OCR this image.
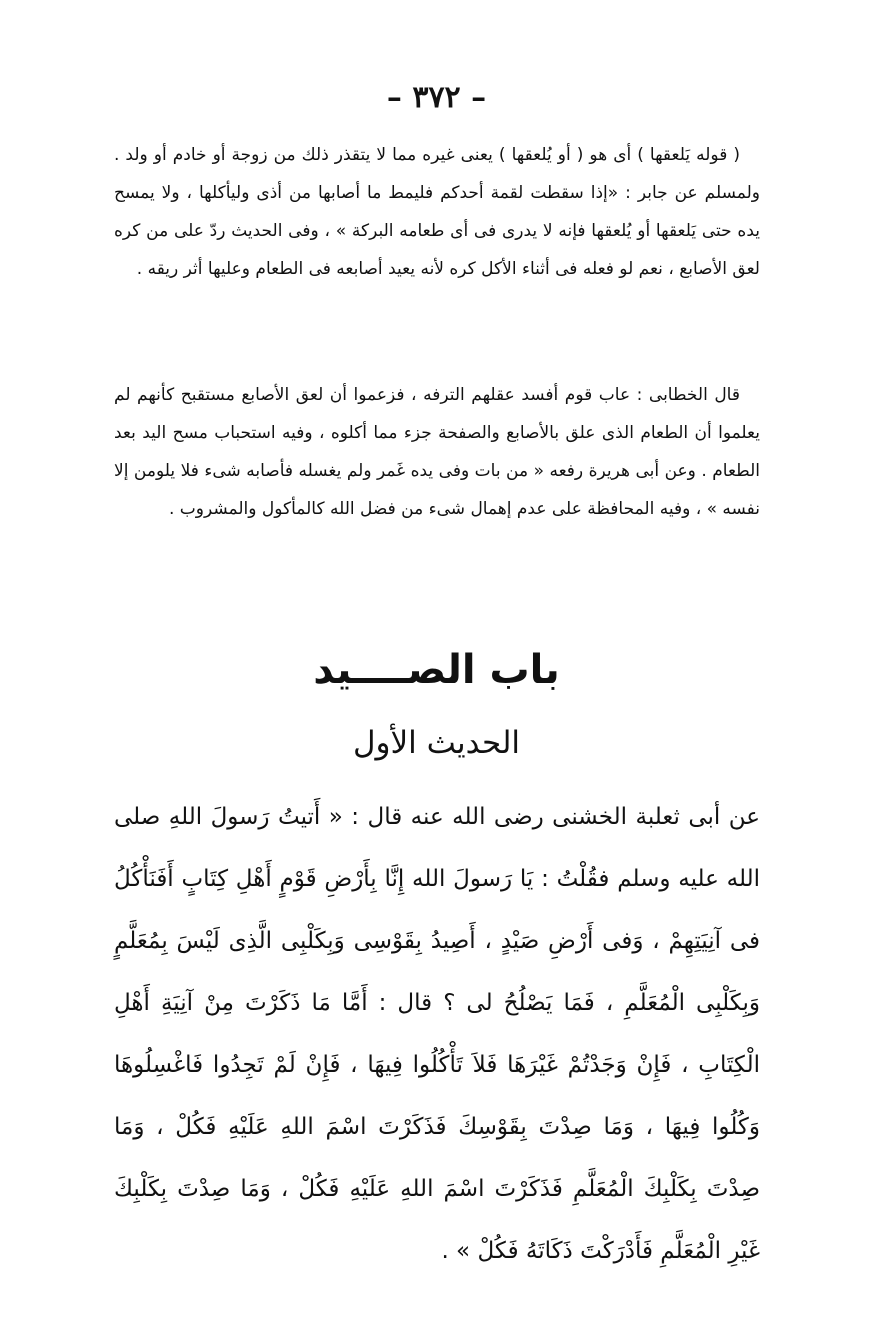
– ٣٧٢ –

( قوله يَلعقها ) أى هو ( أو يُلعقها ) يعنى غيره مما لا يتقذر ذلك من زوجة أو خادم أو ولد . ولمسلم عن جابر : «إذا سقطت لقمة أحدكم فليمط ما أصابها من أذى وليأكلها ، ولا يمسح يده حتى يَلعقها أو يُلعقها فإنه لا يدرى فى أى طعامه البركة » ، وفى الحديث ردّ على من كره لعق الأصابع ، نعم لو فعله فى أثناء الأكل كره لأنه يعيد أصابعه فى الطعام وعليها أثر ريقه .

قال الخطابى : عاب قوم أفسد عقلهم الترفه ، فزعموا أن لعق الأصابع مستقبح كأنهم لم يعلموا أن الطعام الذى علق بالأصابع والصفحة جزء مما أكلوه ، وفيه استحباب مسح اليد بعد الطعام . وعن أبى هريرة رفعه « من بات وفى يده غَمر ولم يغسله فأصابه شىء فلا يلومن إلا نفسه » ، وفيه المحافظة على عدم إهمال شىء من فضل الله كالمأكول والمشروب .

باب الصــــيد
الحديث الأول

عن أبى ثعلبة الخشنى رضى الله عنه قال : « أَتيتُ رَسولَ اللهِ صلى الله عليه وسلم فقُلْتُ : يَا رَسولَ الله إِنَّا بِأَرْضِ قَوْمٍ أَهْلِ كِتَابٍ أَفَنَأْكُلُ فى آنِيَتِهِمْ ، وَفى أَرْضِ صَيْدٍ ، أَصِيدُ بِقَوْسِى وَبِكَلْبِى الَّذِى لَيْسَ بِمُعَلَّمٍ وَبِكَلْبِى الْمُعَلَّمِ ، فَمَا يَصْلُحُ لى ؟ قال : أَمَّا مَا ذَكَرْتَ مِنْ آنِيَةِ أَهْلِ الْكِتَابِ ، فَإِنْ وَجَدْتُمْ غَيْرَهَا فَلاَ تَأْكُلُوا فِيهَا ، فَإِنْ لَمْ تَجِدُوا فَاغْسِلُوهَا وَكُلُوا فِيهَا ، وَمَا صِدْتَ بِقَوْسِكَ فَذَكَرْتَ اسْمَ اللهِ عَلَيْهِ فَكُلْ ، وَمَا صِدْتَ بِكَلْبِكَ الْمُعَلَّمِ فَذَكَرْتَ اسْمَ اللهِ عَلَيْهِ فَكُلْ ، وَمَا صِدْتَ بِكَلْبِكَ غَيْرِ الْمُعَلَّمِ فَأَدْرَكْتَ ذَكَاتَهُ فَكُلْ » .
